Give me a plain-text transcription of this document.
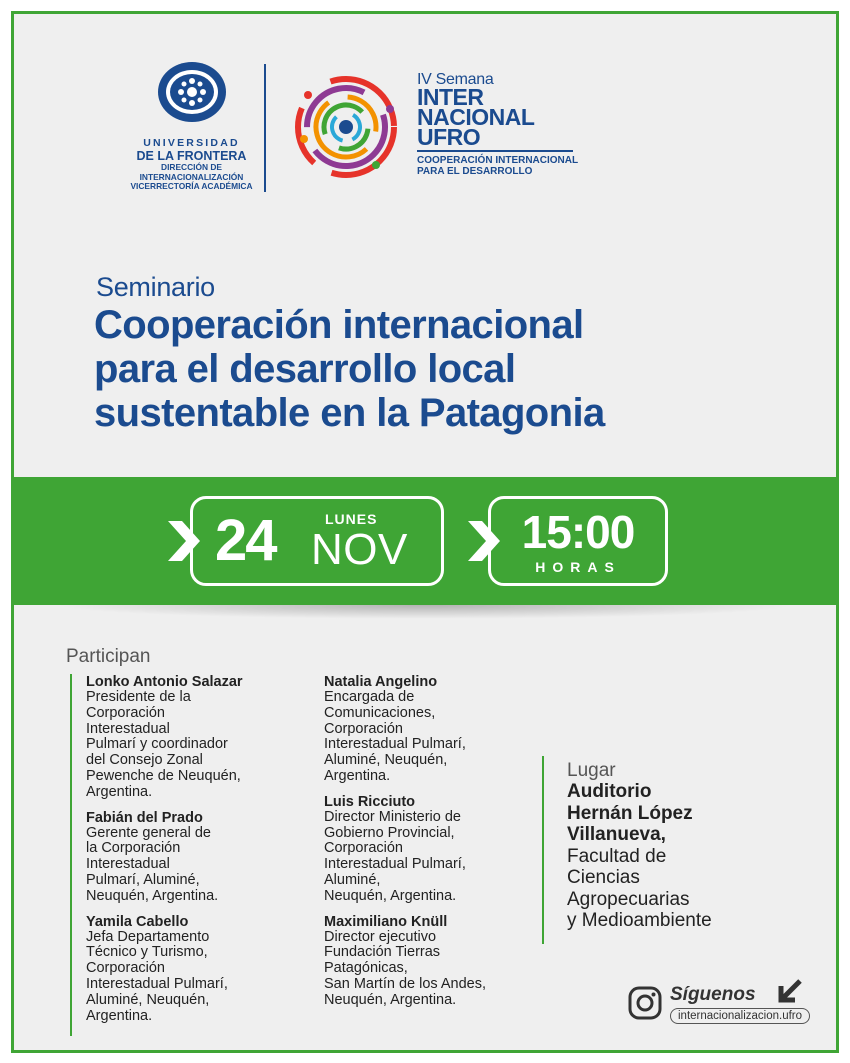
UNIVERSIDAD
DE LA FRONTERA
DIRECCIÓN DE
INTERNACIONALIZACIÓN
VICERRECTORÍA ACADÉMICA
IV Semana
INTER
NACIONAL
UFRO
COOPERACIÓN INTERNACIONAL
PARA EL DESARROLLO
Seminario
Cooperación internacional
para el desarrollo local
sustentable en la Patagonia
24	LUNES
NOV	15:00
HORAS
Participan
Lonko Antonio Salazar
Presidente de la
Corporación
Interestadual
Pulmarí y coordinador
del Consejo Zonal
Pewenche de Neuquén,
Argentina.
Fabián del Prado
Gerente general de
la Corporación
Interestadual
Pulmarí, Aluminé,
Neuquén, Argentina.
Yamila Cabello
Jefa Departamento
Técnico y Turismo,
Corporación
Interestadual Pulmarí,
Aluminé, Neuquén,
Argentina.
Natalia Angelino
Encargada de
Comunicaciones,
Corporación
Interestadual Pulmarí,
Aluminé, Neuquén,
Argentina.
Luis Ricciuto
Director Ministerio de
Gobierno Provincial,
Corporación
Interestadual Pulmarí,
Aluminé,
Neuquén, Argentina.
Maximiliano Knüll
Director ejecutivo
Fundación Tierras
Patagónicas,
San Martín de los Andes,
Neuquén, Argentina.
Lugar
Auditorio
Hernán López
Villanueva,
Facultad de
Ciencias
Agropecuarias
y Medioambiente
Síguenos
internacionalizacion.ufro
